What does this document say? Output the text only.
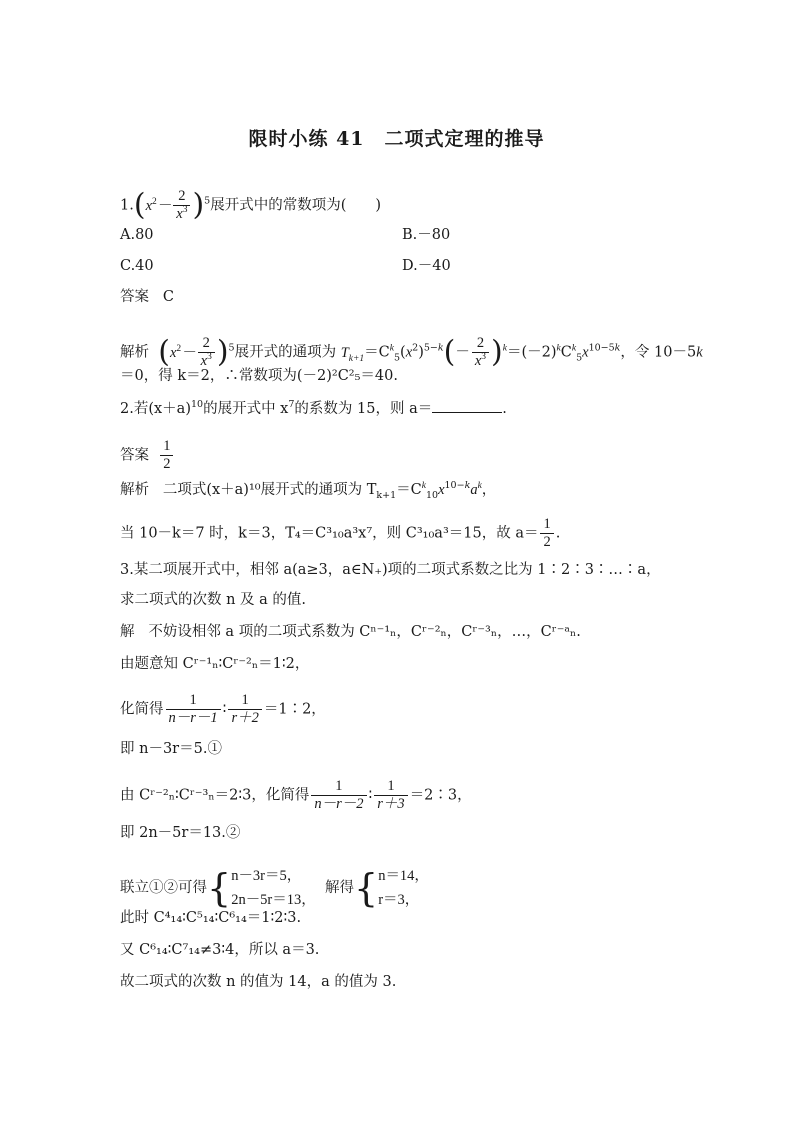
限时小练 41　二项式定理的推导
$1.(x^2- \frac{2}{x^3} )^5$展开式中的常数项为(　　)
A.80	B.－80
C.40	D.－40
答案 C
解析 $(x^2- \frac{2}{x^3} )^5$展开式的通项为 $T_{k+1}=C^k_5(x^2)^{5-k}(- \frac{2}{x^3} )^k=(-2)^kC^k_5x^{10-5k}$，令 10－5k
＝0，得 k＝2，∴常数项为(－2)²C²₅＝40.
2.若$(x+a)^{10}$的展开式中 $x^7$的系数为 15，则 a＝	.
答案 $\frac{1}{2}$
解析 二项式(x＋a)¹⁰展开式的通项为 $T_{k+1}=C^k_{10}x^{10-k}a^k$，
当 10－k＝7 时，k＝3，T₄＝C³₁₀a³x⁷，则 C³₁₀a³＝15，故 $a= \frac{1}{2}$ .
3.某二项展开式中，相邻 a(a≥3，a∈N₊)项的二项式系数之比为 1∶2∶3∶…∶a，
求二项式的次数 n 及 a 的值.
解 不妨设相邻 a 项的二项式系数为 Cⁿ⁻¹ₙ，Cʳ⁻²ₙ，Cʳ⁻³ₙ，…，Cʳ⁻ᵃₙ.
由题意知 Cʳ⁻¹ₙ∶Cʳ⁻²ₙ＝1∶2，
化简得 $\frac{1}{n-r-1}$ ∶ $\frac{1}{r+2}$ ＝1∶2，
即 n－3r＝5.①
由 Cʳ⁻²ₙ∶Cʳ⁻³ₙ＝2∶3，化简得 $\frac{1}{n-r-2}$ ∶ $\frac{1}{r+3}$ ＝2∶3，
即 2n－5r＝13.②
联立①②可得{ n－3r＝5，
2n－5r＝13，
解得{ n＝14，
r＝3，
此时 C⁴₁₄∶C⁵₁₄∶C⁶₁₄＝1∶2∶3.
又 C⁶₁₄∶C⁷₁₄≠3∶4，所以 a＝3.
故二项式的次数 n 的值为 14，a 的值为 3.
